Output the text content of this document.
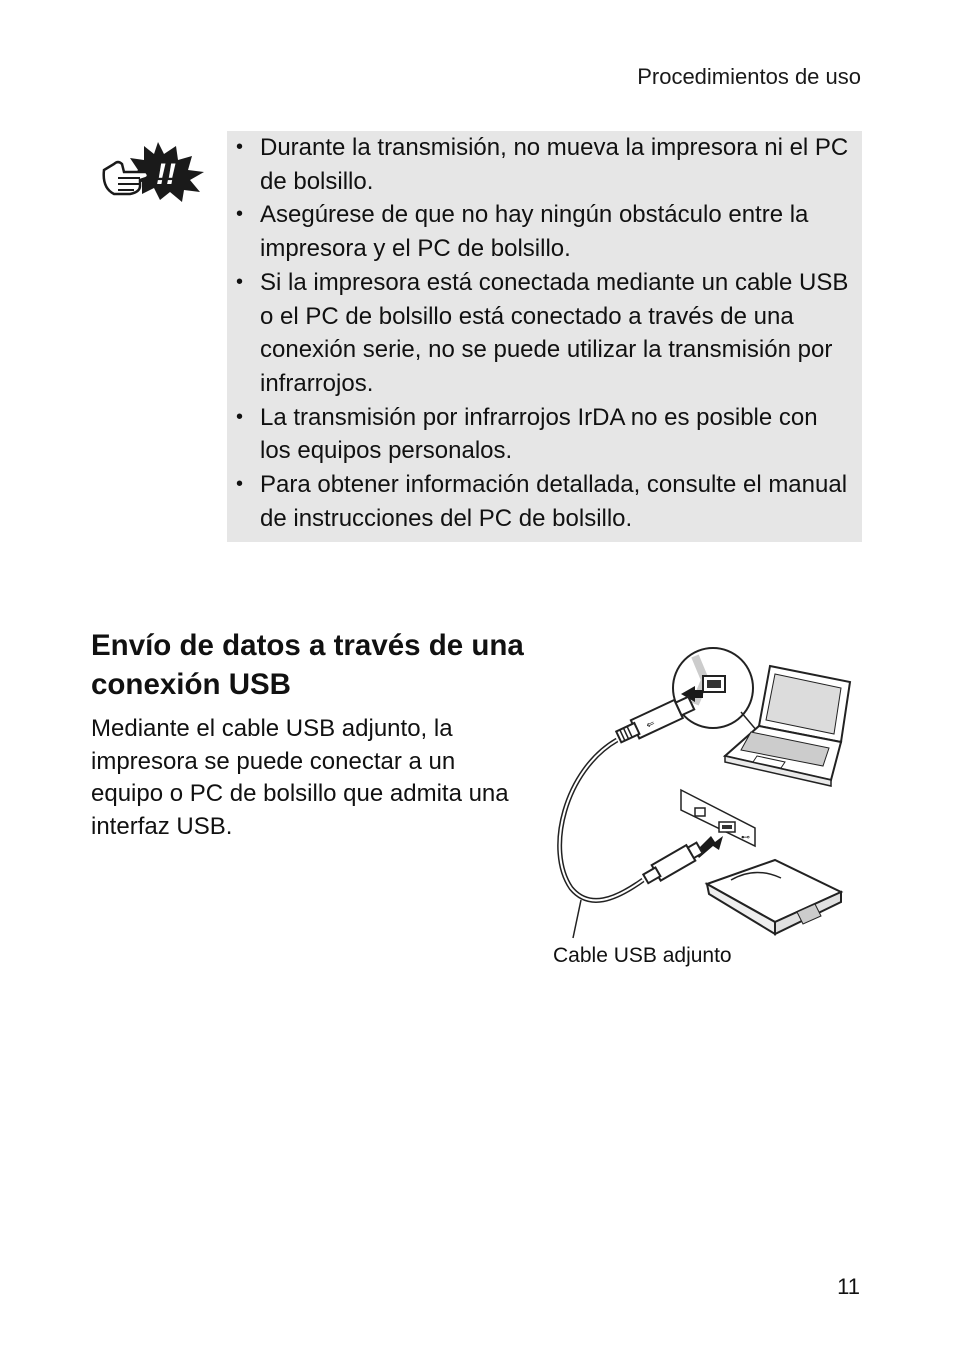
Procedimientos de uso
!!
• Durante la transmisión, no mueva la impresora ni el PC de bolsillo.
• Asegúrese de que no hay ningún obstáculo entre la impresora y el PC de bolsillo.
• Si la impresora está conectada mediante un cable USB o el PC de bolsillo está conectado a través de una conexión serie, no se puede utilizar la transmisión por infrarrojos.
• La transmisión por infrarrojos IrDA no es posible con los equipos personalos.
• Para obtener información detallada, consulte el manual de instrucciones del PC de bolsillo.
Envío de datos a través de una conexión USB

Mediante el cable USB adjunto, la impresora se puede conectar a un equipo o PC de bolsillo que admita una interfaz USB.

⇐
⊷
Cable USB adjunto
11
